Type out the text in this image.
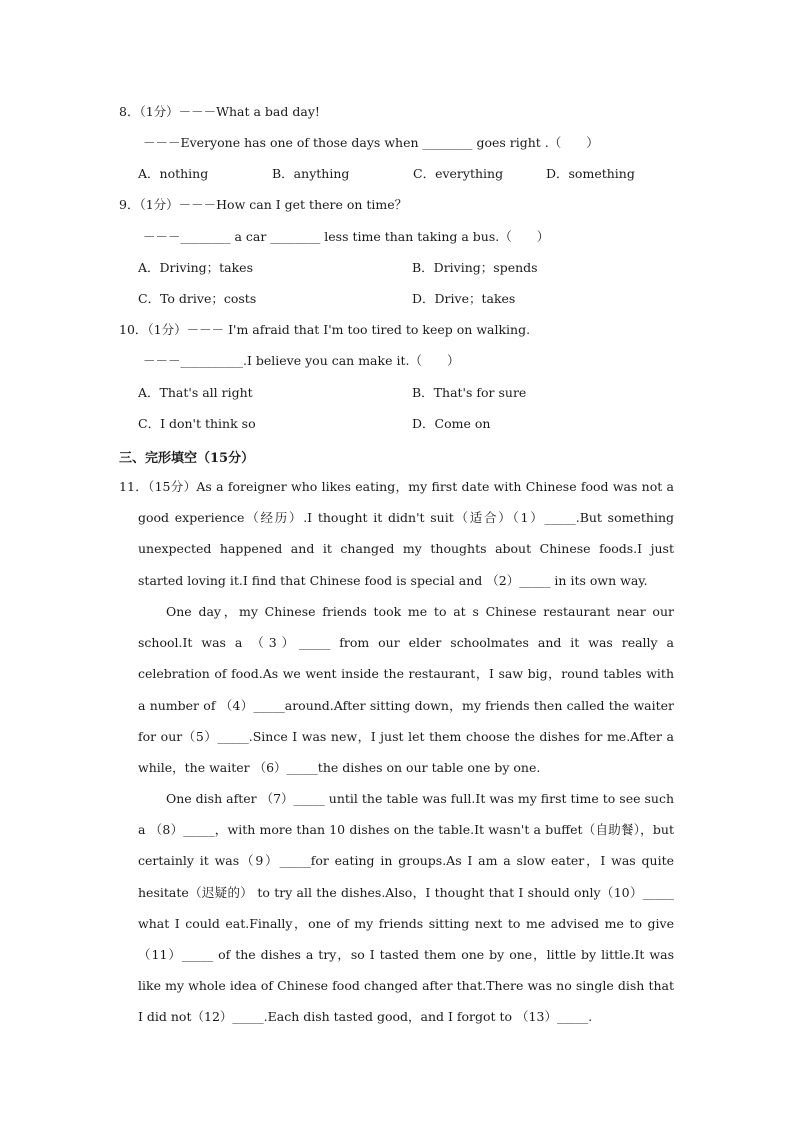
8．（1分）－－－What a bad day!
－－－Everyone has one of those days when ________ goes right .（　　）
A．nothing	B．anything	C．everything	D．something
9．（1分）－－－How can I get there on time？
－－－________ a car ________ less time than taking a bus.（　　）
A．Driving；takes	B．Driving；spends
C．To drive；costs	D．Drive；takes
10．（1分）－－－ I'm afraid that I'm too tired to keep on walking.
－－－__________.I believe you can make it.（　　）
A．That's all right	B．That's for sure
C．I don't think so	D．Come on
三、完形填空（15分）
11．（15分）As a foreigner who likes eating，my first date with Chinese food was not a good experience（经历）.I thought it didn't suit（适合）（1）_____.But something unexpected happened and it changed my thoughts about Chinese foods.I just started loving it.I find that Chinese food is special and （2）_____ in its own way.
One day，my Chinese friends took me to at s Chinese restaurant near our school.It was a （3）_____ from our elder schoolmates and it was really a celebration of food.As we went inside the restaurant，I saw big，round tables with a number of （4）_____around.After sitting down，my friends then called the waiter for our（5）_____.Since I was new，I just let them choose the dishes for me.After a while，the waiter （6）_____the dishes on our table one by one.
One dish after （7）_____ until the table was full.It was my first time to see such a （8）_____，with more than 10 dishes on the table.It wasn't a buffet（自助餐），but certainly it was（9）_____for eating in groups.As I am a slow eater，I was quite hesitate（迟疑的） to try all the dishes.Also，I thought that I should only（10）_____ what I could eat.Finally，one of my friends sitting next to me advised me to give（11）_____ of the dishes a try，so I tasted them one by one，little by little.It was like my whole idea of Chinese food changed after that.There was no single dish that I did not（12）_____.Each dish tasted good，and I forgot to （13）_____.
